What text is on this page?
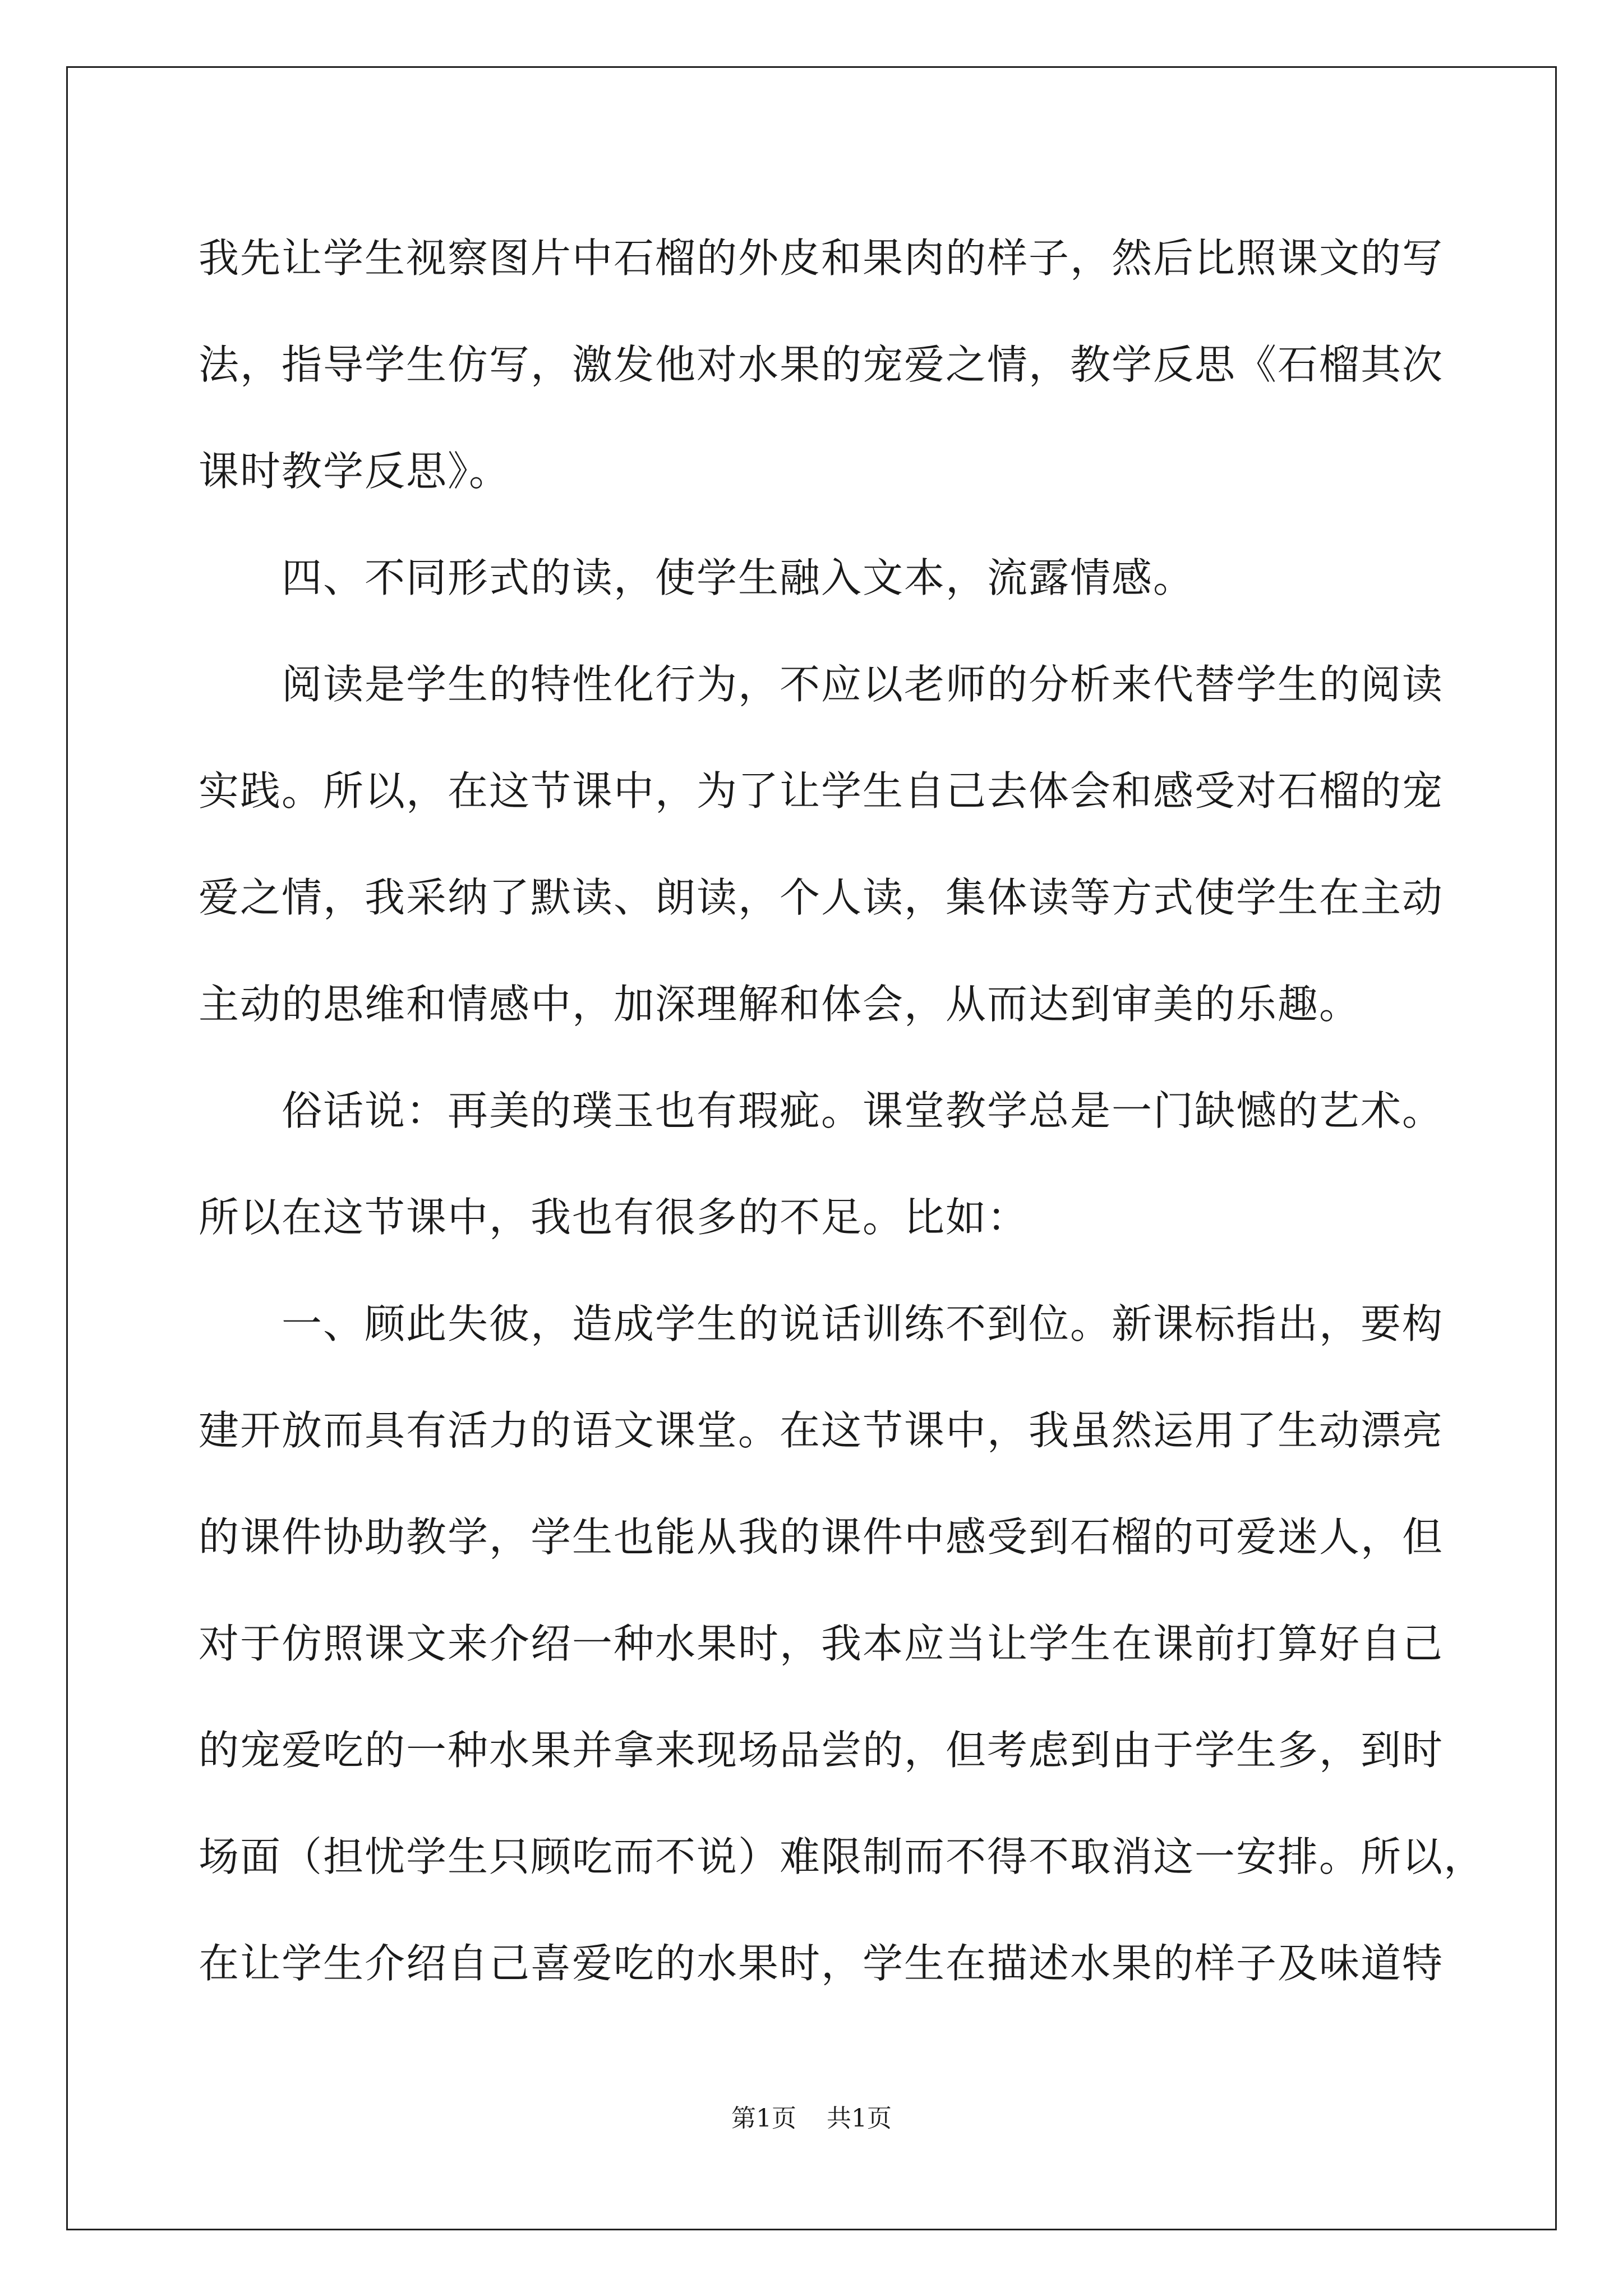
我先让学生视察图片中石榴的外皮和果肉的样子，然后比照课文的写
法，指导学生仿写，激发他对水果的宠爱之情，教学反思《石榴其次
课时教学反思》。
　　四、不同形式的读，使学生融入文本，流露情感。
　　阅读是学生的特性化行为，不应以老师的分析来代替学生的阅读
实践。所以，在这节课中，为了让学生自己去体会和感受对石榴的宠
爱之情，我采纳了默读、朗读，个人读，集体读等方式使学生在主动
主动的思维和情感中，加深理解和体会，从而达到审美的乐趣。
　　俗话说：再美的璞玉也有瑕疵。课堂教学总是一门缺憾的艺术。
所以在这节课中，我也有很多的不足。比如：
　　一、顾此失彼，造成学生的说话训练不到位。新课标指出，要构
建开放而具有活力的语文课堂。在这节课中，我虽然运用了生动漂亮
的课件协助教学，学生也能从我的课件中感受到石榴的可爱迷人，但
对于仿照课文来介绍一种水果时，我本应当让学生在课前打算好自己
的宠爱吃的一种水果并拿来现场品尝的，但考虑到由于学生多，到时
场面（担忧学生只顾吃而不说）难限制而不得不取消这一安排。所以，
在让学生介绍自己喜爱吃的水果时，学生在描述水果的样子及味道特
第1页 共1页
